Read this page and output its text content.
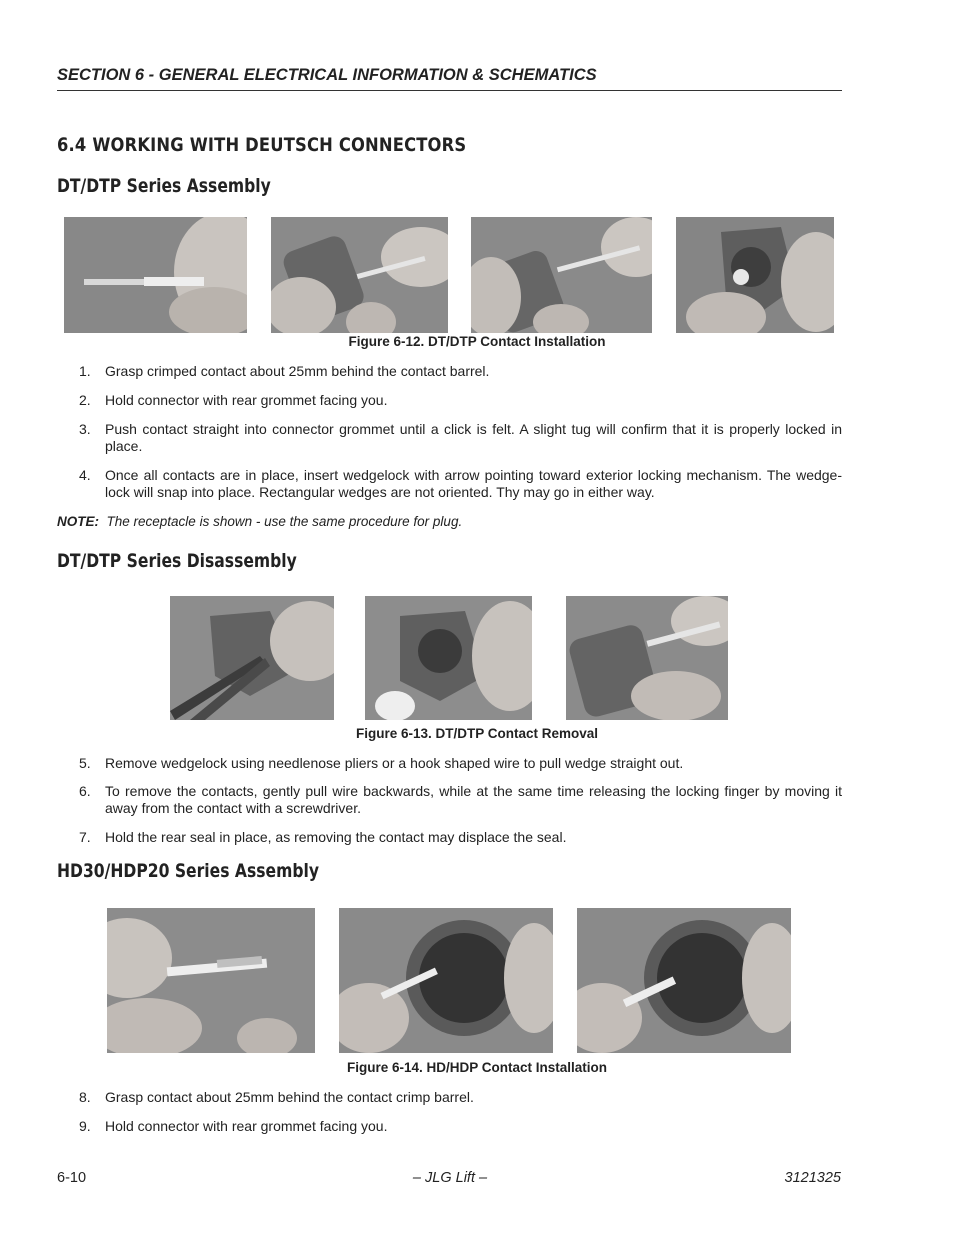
SECTION 6 - GENERAL ELECTRICAL INFORMATION & SCHEMATICS
6.4 WORKING WITH DEUTSCH CONNECTORS
DT/DTP Series Assembly
Figure 6-12. DT/DTP Contact Installation
1. Grasp crimped contact about 25mm behind the contact barrel.
2. Hold connector with rear grommet facing you.
3. Push contact straight into connector grommet until a click is felt. A slight tug will confirm that it is properly locked in place.
4. Once all contacts are in place, insert wedgelock with arrow pointing toward exterior locking mechanism. The wedge-lock will snap into place. Rectangular wedges are not oriented. Thy may go in either way.
NOTE: The receptacle is shown - use the same procedure for plug.
DT/DTP Series Disassembly
Figure 6-13. DT/DTP Contact Removal
5. Remove wedgelock using needlenose pliers or a hook shaped wire to pull wedge straight out.
6. To remove the contacts, gently pull wire backwards, while at the same time releasing the locking finger by moving it away from the contact with a screwdriver.
7. Hold the rear seal in place, as removing the contact may displace the seal.
HD30/HDP20 Series Assembly
Figure 6-14. HD/HDP Contact Installation
8. Grasp contact about 25mm behind the contact crimp barrel.
9. Hold connector with rear grommet facing you.
6-10	– JLG Lift –	3121325
